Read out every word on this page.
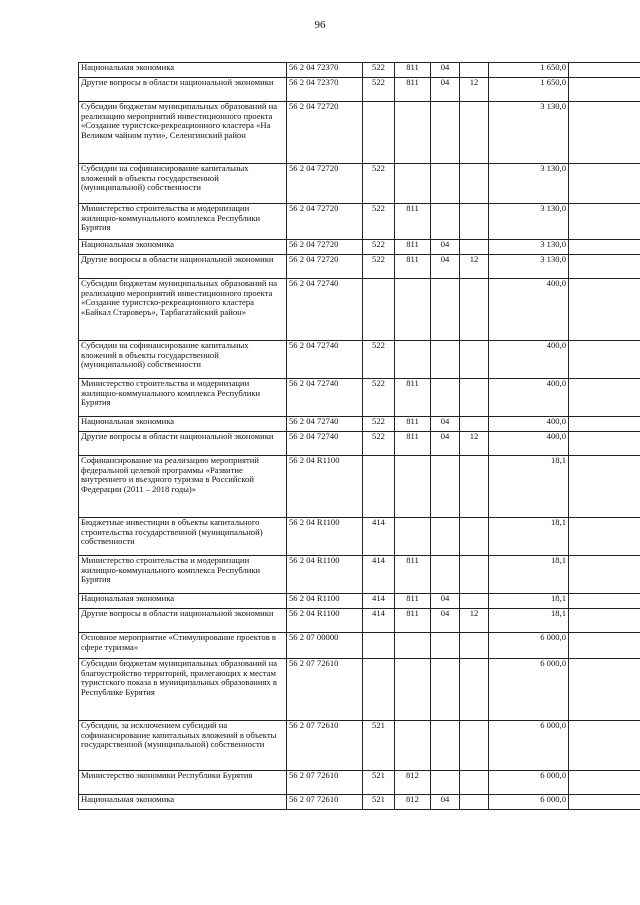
96
Национальная экономика	56 2 04 72370	522	811	04		1 650,0	
Другие вопросы в области национальной экономики	56 2 04 72370	522	811	04	12	1 650,0	
Субсидии бюджетам муниципальных образований на реализацию мероприятий инвестиционного проекта «Создание туристско-рекреационного кластера «На Великом чайном пути», Селенгинский район	56 2 04 72720					3 130,0	
Субсидии на софинансирование капитальных вложений в объекты государственной (муниципальной) собственности	56 2 04 72720	522				3 130,0	
Министерство строительства и модернизации жилищно-коммунального комплекса Республики Бурятия	56 2 04 72720	522	811			3 130,0	
Национальная экономика	56 2 04 72720	522	811	04		3 130,0	
Другие вопросы в области национальной экономики	56 2 04 72720	522	811	04	12	3 130,0	
Субсидии бюджетам муниципальных образований на реализацию мероприятий инвестиционного проекта «Создание туристско-рекреационного кластера «Байкал Староверъ», Тарбагатайский район»	56 2 04 72740					400,0	
Субсидии на софинансирование капитальных вложений в объекты государственной (муниципальной) собственности	56 2 04 72740	522				400,0	
Министерство строительства и модернизации жилищно-коммунального комплекса Республики Бурятия	56 2 04 72740	522	811			400,0	
Национальная экономика	56 2 04 72740	522	811	04		400,0	
Другие вопросы в области национальной экономики	56 2 04 72740	522	811	04	12	400,0	
Софинансирование на реализацию мероприятий федеральной целевой программы «Развитие внутреннего и въездного туризма в Российской Федерации (2011 – 2018 годы)»	56 2 04 R1100					18,1	
Бюджетные инвестиции в объекты капитального строительства государственной (муниципальной) собственности	56 2 04 R1100	414				18,1	
Министерство строительства и модернизации жилищно-коммунального комплекса Республики Бурятия	56 2 04 R1100	414	811			18,1	
Национальная экономика	56 2 04 R1100	414	811	04		18,1	
Другие вопросы в области национальной экономики	56 2 04 R1100	414	811	04	12	18,1	
Основное мероприятие «Стимулирование проектов в сфере туризма»	56 2 07 00000					6 000,0	
Субсидии бюджетам муниципальных образований на благоустройство территорий, прилегающих к местам туристского показа в муниципальных образованиях в Республике Бурятия	56 2 07 72610					6 000,0	
Субсидии, за исключением субсидий на софинансирование капитальных вложений в объекты государственной (муниципальной) собственности	56 2 07 72610	521				6 000,0	
Министерство экономики Республики Бурятия	56 2 07 72610	521	812			6 000,0	
Национальная экономика	56 2 07 72610	521	812	04		6 000,0	
